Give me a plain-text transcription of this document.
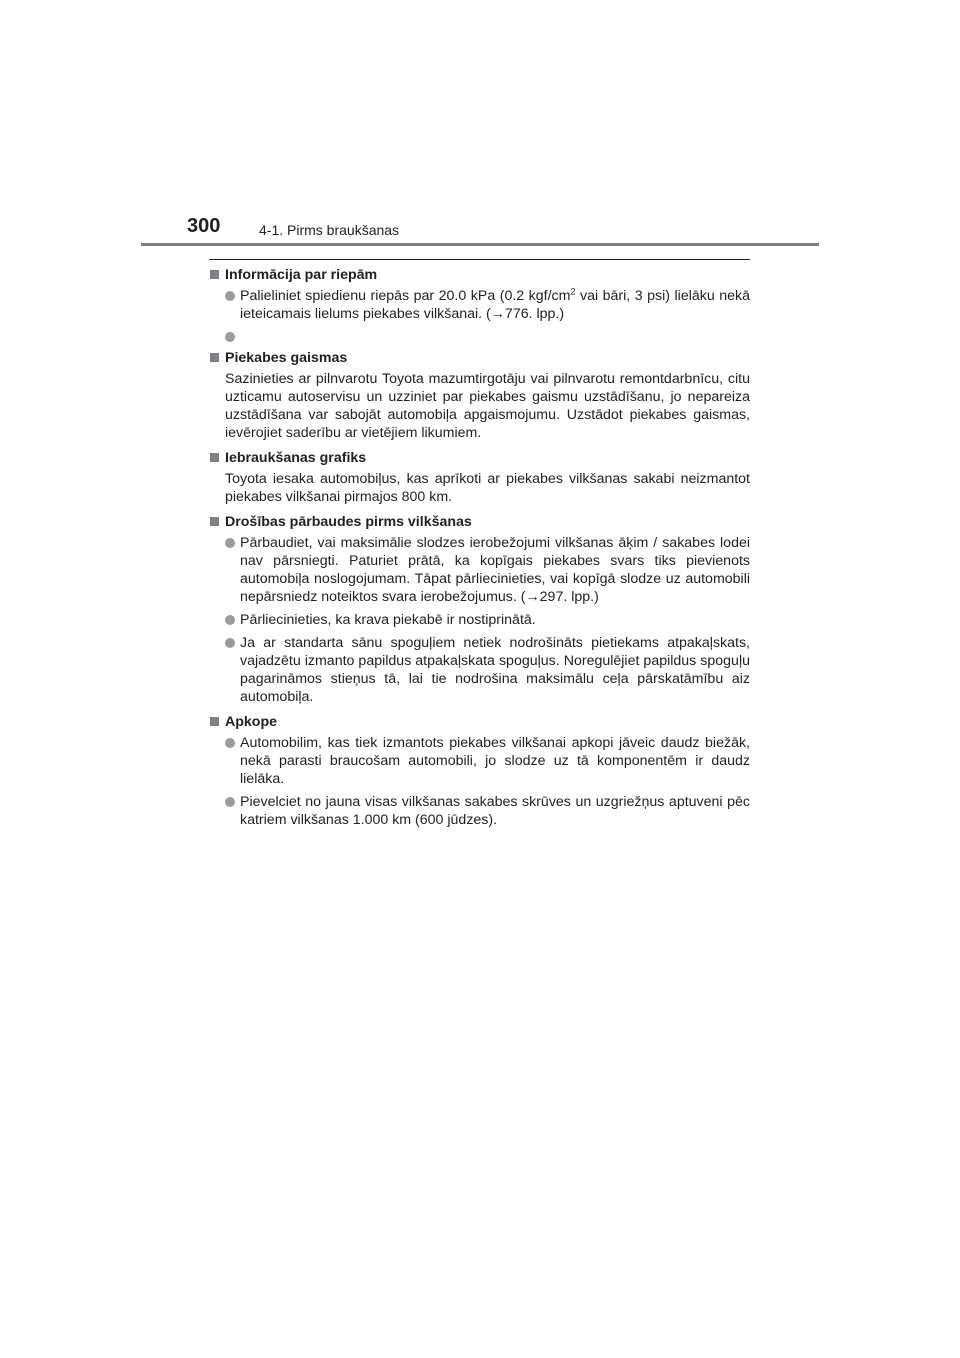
300	4-1. Pirms braukšanas
Informācija par riepām
Palieliniet spiedienu riepās par 20.0 kPa (0.2 kgf/$cm^2$ vai bāri, 3 psi) lielāku nekā ieteicamais lielums piekabes vilkšanai. (→776. lpp.)
Piekabes gaismas
Sazinieties ar pilnvarotu Toyota mazumtirgotāju vai pilnvarotu remontdarbnīcu, citu uzticamu autoservisu un uzziniet par piekabes gaismu uzstādīšanu, jo nepareiza uzstādīšana var sabojāt automobiļa apgaismojumu. Uzstādot piekabes gaismas, ievērojiet saderību ar vietējiem likumiem.
Iebraukšanas grafiks
Toyota iesaka automobiļus, kas aprīkoti ar piekabes vilkšanas sakabi neizmantot piekabes vilkšanai pirmajos 800 km.
Drošības pārbaudes pirms vilkšanas
Pārbaudiet, vai maksimālie slodzes ierobežojumi vilkšanas āķim / sakabes lodei nav pārsniegti. Paturiet prātā, ka kopīgais piekabes svars tiks pievienots automobiļa noslogojumam. Tāpat pārliecinieties, vai kopīgā slodze uz automobili nepārsniedz noteiktos svara ierobežojumus. (→297. lpp.)
Pārliecinieties, ka krava piekabē ir nostiprinātā.
Ja ar standarta sānu spoguļiem netiek nodrošināts pietiekams atpakaļskats, vajadzētu izmanto papildus atpakaļskata spoguļus. Noregulējiet papildus spoguļu pagarināmos stieņus tā, lai tie nodrošina maksimālu ceļa pārskatāmību aiz automobiļa.
Apkope
Automobilim, kas tiek izmantots piekabes vilkšanai apkopi jāveic daudz biežāk, nekā parasti braucošam automobili, jo slodze uz tā komponentēm ir daudz lielāka.
Pievelciet no jauna visas vilkšanas sakabes skrūves un uzgriežņus aptuveni pēc katriem vilkšanas 1.000 km (600 jūdzes).
